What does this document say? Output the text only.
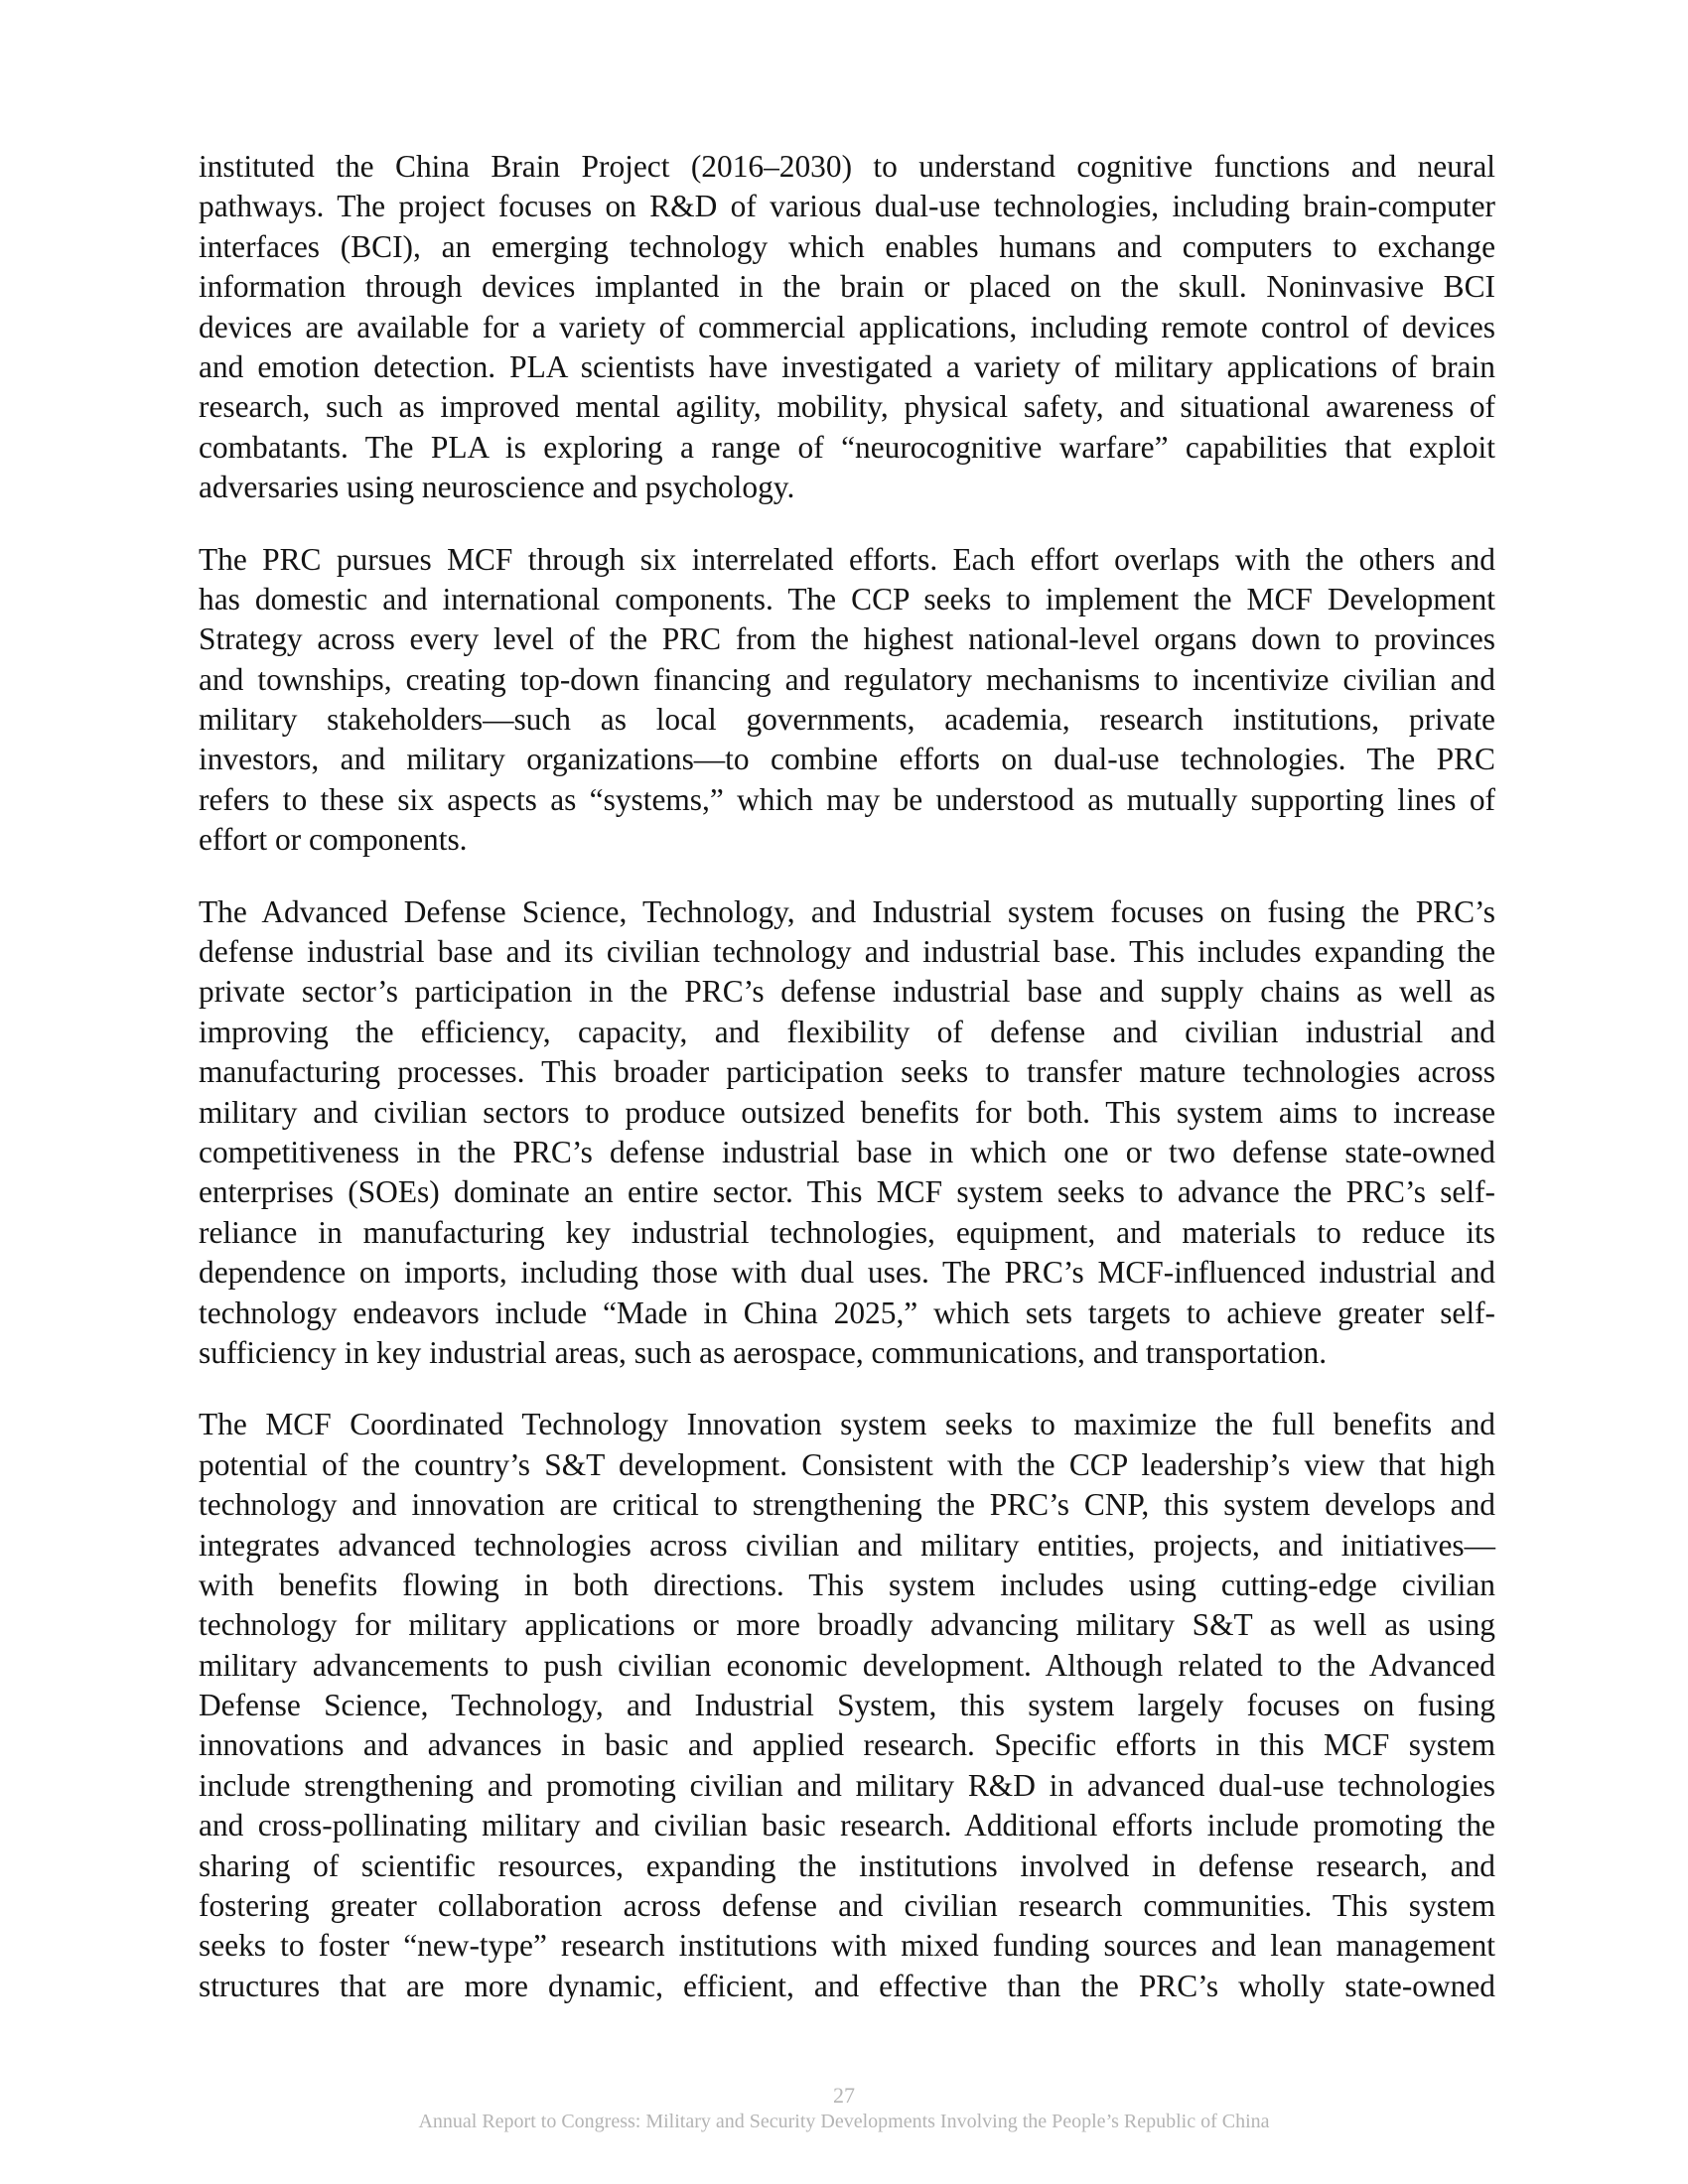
instituted the China Brain Project (2016–2030) to understand cognitive functions and neural
pathways. The project focuses on R&D of various dual-use technologies, including brain-computer
interfaces (BCI), an emerging technology which enables humans and computers to exchange
information through devices implanted in the brain or placed on the skull. Noninvasive BCI
devices are available for a variety of commercial applications, including remote control of devices
and emotion detection. PLA scientists have investigated a variety of military applications of brain
research, such as improved mental agility, mobility, physical safety, and situational awareness of
combatants. The PLA is exploring a range of “neurocognitive warfare” capabilities that exploit
adversaries using neuroscience and psychology.
The PRC pursues MCF through six interrelated efforts. Each effort overlaps with the others and
has domestic and international components. The CCP seeks to implement the MCF Development
Strategy across every level of the PRC from the highest national-level organs down to provinces
and townships, creating top-down financing and regulatory mechanisms to incentivize civilian and
military stakeholders—such as local governments, academia, research institutions, private
investors, and military organizations—to combine efforts on dual-use technologies. The PRC
refers to these six aspects as “systems,” which may be understood as mutually supporting lines of
effort or components.
The Advanced Defense Science, Technology, and Industrial system focuses on fusing the PRC’s
defense industrial base and its civilian technology and industrial base. This includes expanding the
private sector’s participation in the PRC’s defense industrial base and supply chains as well as
improving the efficiency, capacity, and flexibility of defense and civilian industrial and
manufacturing processes. This broader participation seeks to transfer mature technologies across
military and civilian sectors to produce outsized benefits for both. This system aims to increase
competitiveness in the PRC’s defense industrial base in which one or two defense state-owned
enterprises (SOEs) dominate an entire sector. This MCF system seeks to advance the PRC’s self-
reliance in manufacturing key industrial technologies, equipment, and materials to reduce its
dependence on imports, including those with dual uses. The PRC’s MCF-influenced industrial and
technology endeavors include “Made in China 2025,” which sets targets to achieve greater self-
sufficiency in key industrial areas, such as aerospace, communications, and transportation.
The MCF Coordinated Technology Innovation system seeks to maximize the full benefits and
potential of the country’s S&T development. Consistent with the CCP leadership’s view that high
technology and innovation are critical to strengthening the PRC’s CNP, this system develops and
integrates advanced technologies across civilian and military entities, projects, and initiatives—
with benefits flowing in both directions. This system includes using cutting-edge civilian
technology for military applications or more broadly advancing military S&T as well as using
military advancements to push civilian economic development. Although related to the Advanced
Defense Science, Technology, and Industrial System, this system largely focuses on fusing
innovations and advances in basic and applied research. Specific efforts in this MCF system
include strengthening and promoting civilian and military R&D in advanced dual-use technologies
and cross-pollinating military and civilian basic research. Additional efforts include promoting the
sharing of scientific resources, expanding the institutions involved in defense research, and
fostering greater collaboration across defense and civilian research communities. This system
seeks to foster “new-type” research institutions with mixed funding sources and lean management
structures that are more dynamic, efficient, and effective than the PRC’s wholly state-owned
27
Annual Report to Congress: Military and Security Developments Involving the People’s Republic of China
